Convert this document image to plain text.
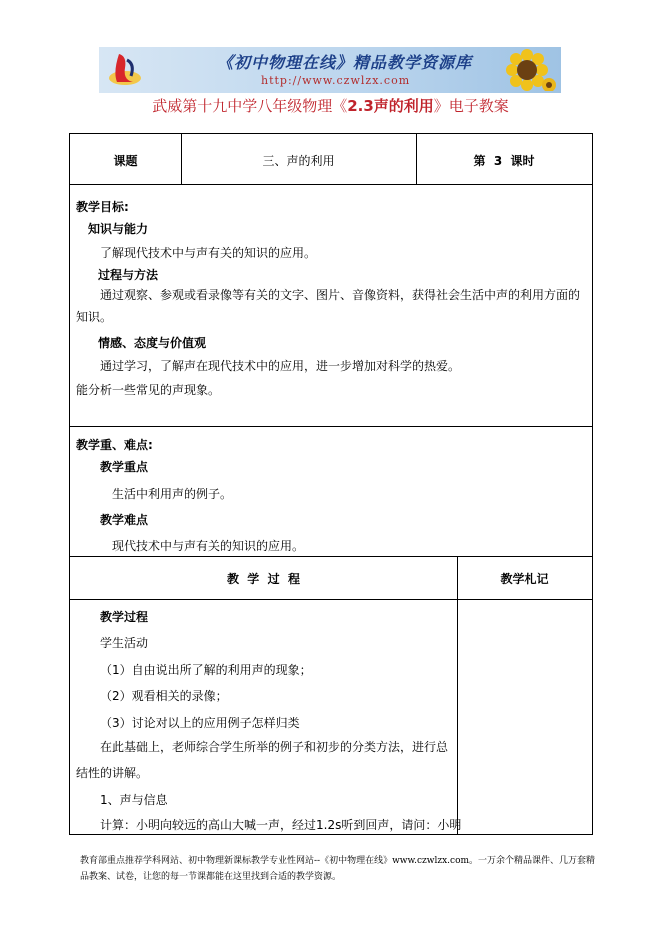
《初中物理在线》精品教学资源库
http://www.czwlzx.com
武威第十九中学八年级物理《2.3声的利用》电子教案
课题	三、声的利用	第  3  课时
教学目标:
知识与能力
了解现代技术中与声有关的知识的应用。
过程与方法
通过观察、参观或看录像等有关的文字、图片、音像资料，获得社会生活中声的利用方面的知识。
情感、态度与价值观
通过学习，了解声在现代技术中的应用，进一步增加对科学的热爱。
能分析一些常见的声现象。
教学重、难点:
教学重点
生活中利用声的例子。
教学难点
现代技术中与声有关的知识的应用。
教  学  过  程	教学札记
教学过程
学生活动
（1）自由说出所了解的利用声的现象；
（2）观看相关的录像；
（3）讨论对以上的应用例子怎样归类
在此基础上，老师综合学生所举的例子和初步的分类方法，进行总结性的讲解。
1、声与信息
计算：小明向较远的高山大喊一声，经过1.2s听到回声，请问：小明
教育部重点推荐学科网站、初中物理新课标教学专业性网站--《初中物理在线》www.czwlzx.com。一万余个精品课件、几万套精品教案、试卷，让您的每一节课都能在这里找到合适的教学资源。
